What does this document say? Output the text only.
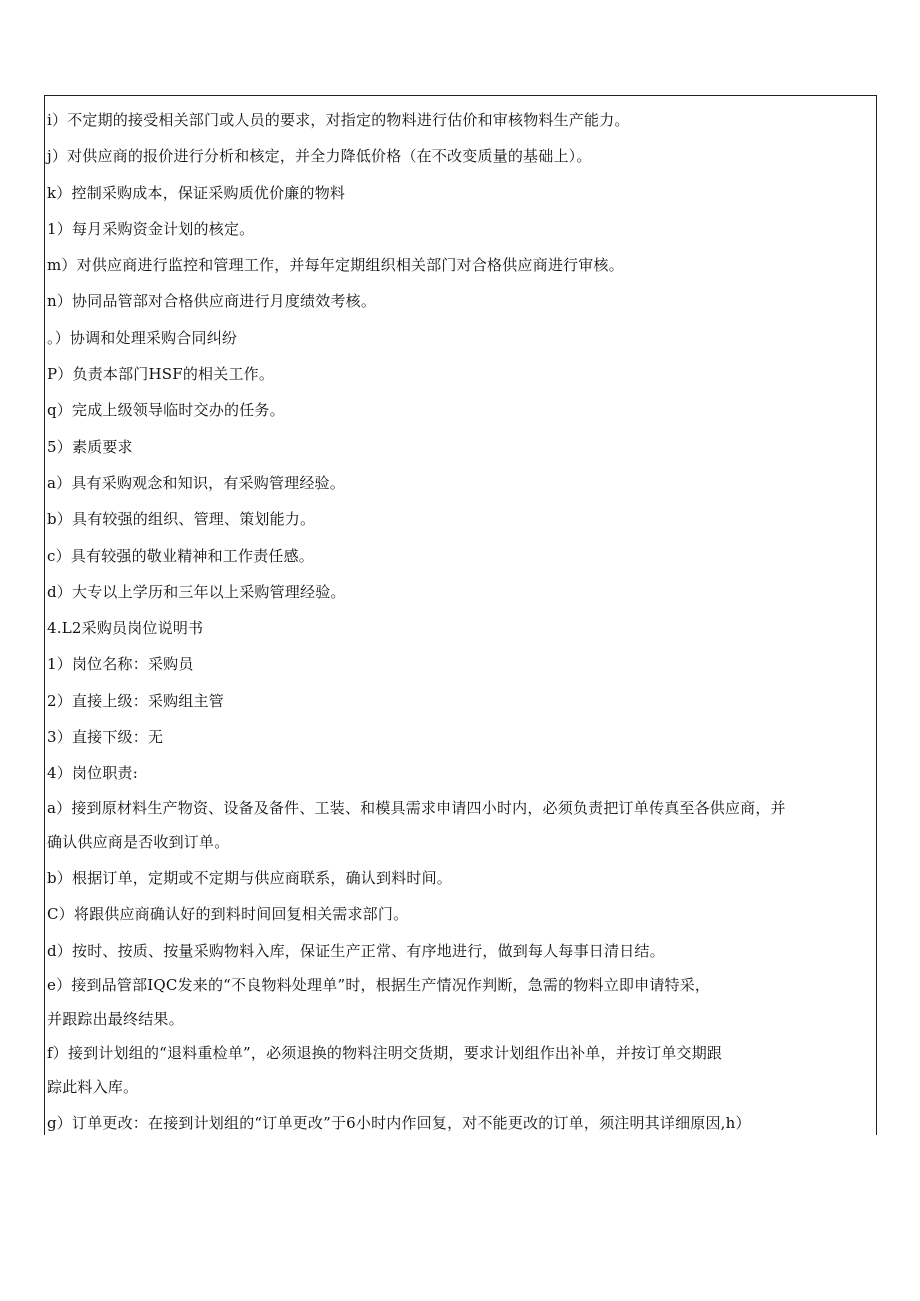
i）不定期的接受相关部门或人员的要求，对指定的物料进行估价和审核物料生产能力。
j）对供应商的报价进行分析和核定，并全力降低价格（在不改变质量的基础上）。
k）控制采购成本，保证采购质优价廉的物料
1）每月采购资金计划的核定。
m）对供应商进行监控和管理工作，并每年定期组织相关部门对合格供应商进行审核。
n）协同品管部对合格供应商进行月度绩效考核。
。）协调和处理采购合同纠纷
P）负责本部门HSF的相关工作。
q）完成上级领导临时交办的任务。
5）素质要求
a）具有采购观念和知识，有采购管理经验。
b）具有较强的组织、管理、策划能力。
c）具有较强的敬业精神和工作责任感。
d）大专以上学历和三年以上采购管理经验。
4.L2采购员岗位说明书
1）岗位名称：采购员
2）直接上级：采购组主管
3）直接下级：无
4）岗位职责:
a）接到原材料生产物资、设备及备件、工装、和模具需求申请四小时内，必须负责把订单传真至各供应商，并
确认供应商是否收到订单。
b）根据订单，定期或不定期与供应商联系，确认到料时间。
C）将跟供应商确认好的到料时间回复相关需求部门。
d）按时、按质、按量采购物料入库，保证生产正常、有序地进行，做到每人每事日清日结。
e）接到品管部IQC发来的“不良物料处理单”时，根据生产情况作判断，急需的物料立即申请特采，
并跟踪出最终结果。
f）接到计划组的“退料重检单”，必须退换的物料注明交货期，要求计划组作出补单，并按订单交期跟
踪此料入库。
g）订单更改：在接到计划组的“订单更改”于6小时内作回复，对不能更改的订单，须注明其详细原因,h）
